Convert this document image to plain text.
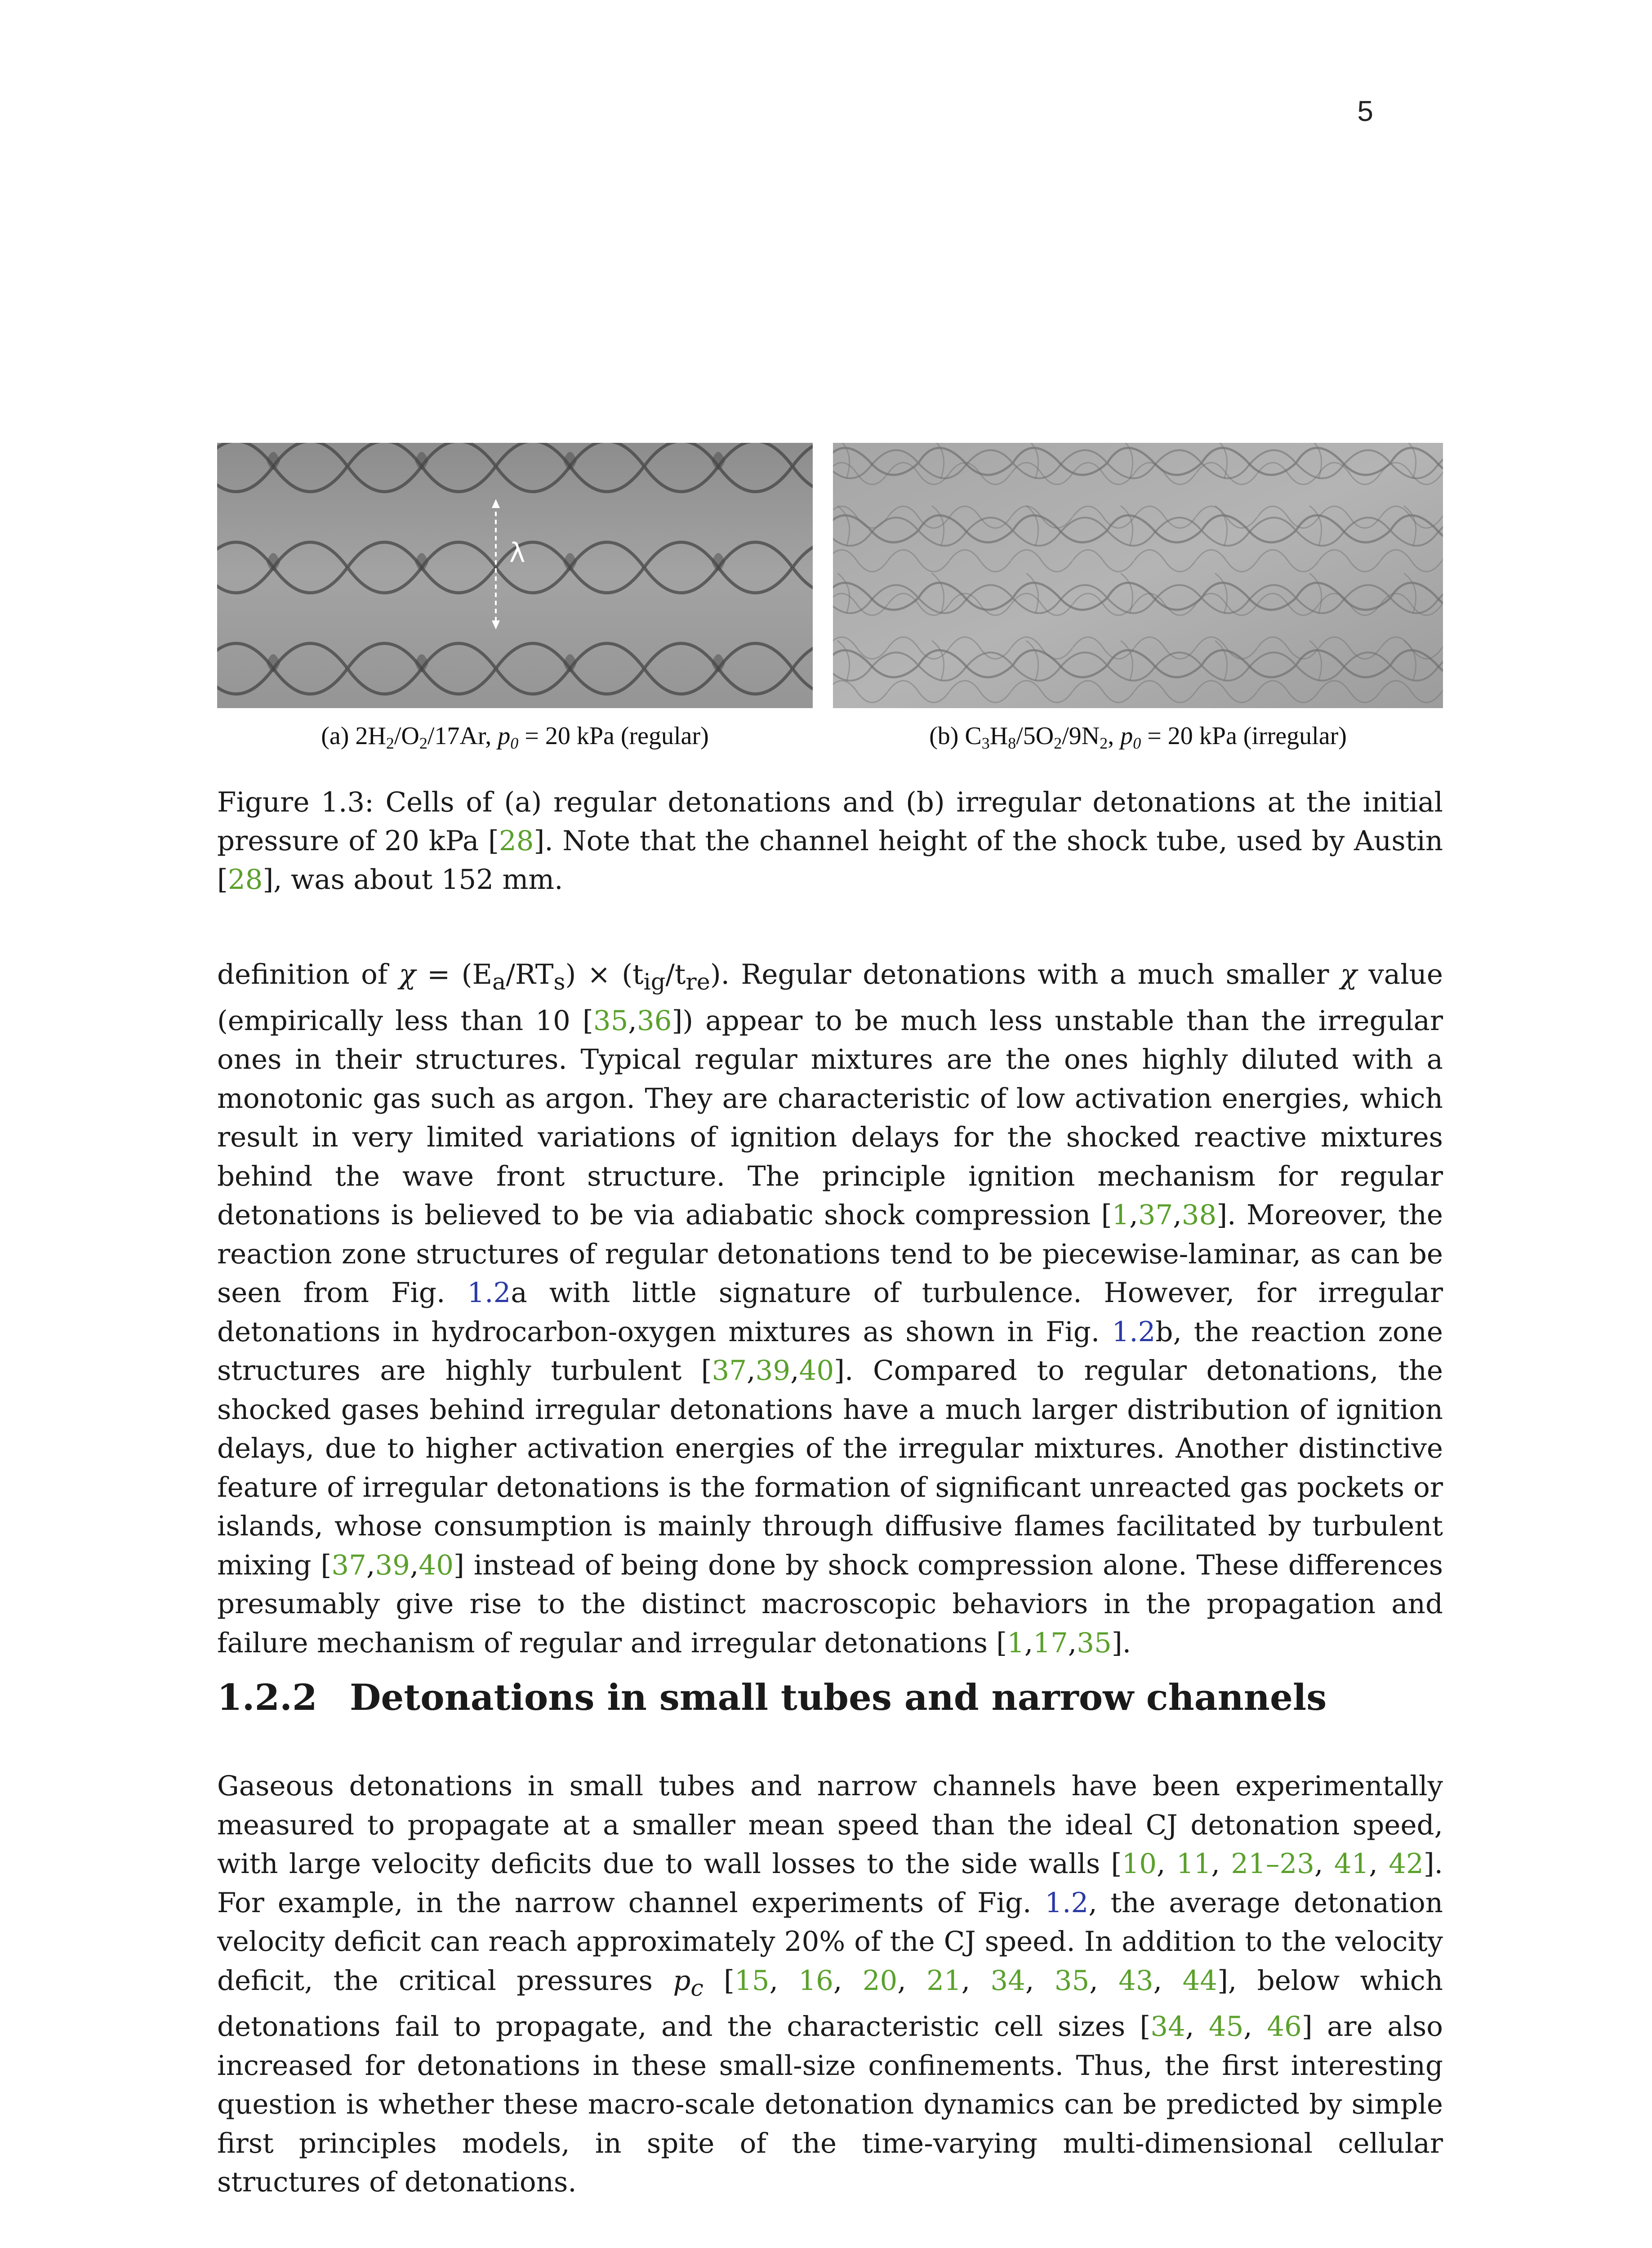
5
λ
(a) $2H_2/O_2/17Ar$, $p_0 = 20$ kPa (regular)	(b) $C_3H_8/5O_2/9N_2$, $p_0 = 20$ kPa (irregular)
Figure 1.3: Cells of (a) regular detonations and (b) irregular detonations at the initial pressure of 20 kPa [28]. Note that the channel height of the shock tube, used by Austin [28], was about 152 mm.
definition of $\chi = (E_a/RT_s) \times (t_{ig}/t_{re})$. Regular detonations with a much smaller χ value (empirically less than 10 [35,36]) appear to be much less unstable than the irregular ones in their structures. Typical regular mixtures are the ones highly diluted with a monotonic gas such as argon. They are characteristic of low activation energies, which result in very limited variations of ignition delays for the shocked reactive mixtures behind the wave front structure. The principle ignition mechanism for regular detonations is believed to be via adiabatic shock compression [1,37,38]. Moreover, the reaction zone structures of regular detonations tend to be piecewise-laminar, as can be seen from Fig. 1.2a with little signature of turbulence. However, for irregular detonations in hydrocarbon-oxygen mixtures as shown in Fig. 1.2b, the reaction zone structures are highly turbulent [37,39,40]. Compared to regular detonations, the shocked gases behind irregular detonations have a much larger distribution of ignition delays, due to higher activation energies of the irregular mixtures. Another distinctive feature of irregular detonations is the formation of significant unreacted gas pockets or islands, whose consumption is mainly through diffusive flames facilitated by turbulent mixing [37,39,40] instead of being done by shock compression alone. These differences presumably give rise to the distinct macroscopic behaviors in the propagation and failure mechanism of regular and irregular detonations [1,17,35].
1.2.2 Detonations in small tubes and narrow channels
Gaseous detonations in small tubes and narrow channels have been experimentally measured to propagate at a smaller mean speed than the ideal CJ detonation speed, with large velocity deficits due to wall losses to the side walls [10, 11, 21–23, 41, 42]. For example, in the narrow channel experiments of Fig. 1.2, the average detonation velocity deficit can reach approximately 20% of the CJ speed. In addition to the velocity deficit, the critical pressures $p_c$ [15, 16, 20, 21, 34, 35, 43, 44], below which detonations fail to propagate, and the characteristic cell sizes [34, 45, 46] are also increased for detonations in these small-size confinements. Thus, the first interesting question is whether these macro-scale detonation dynamics can be predicted by simple first principles models, in spite of the time-varying multi-dimensional cellular structures of detonations.
